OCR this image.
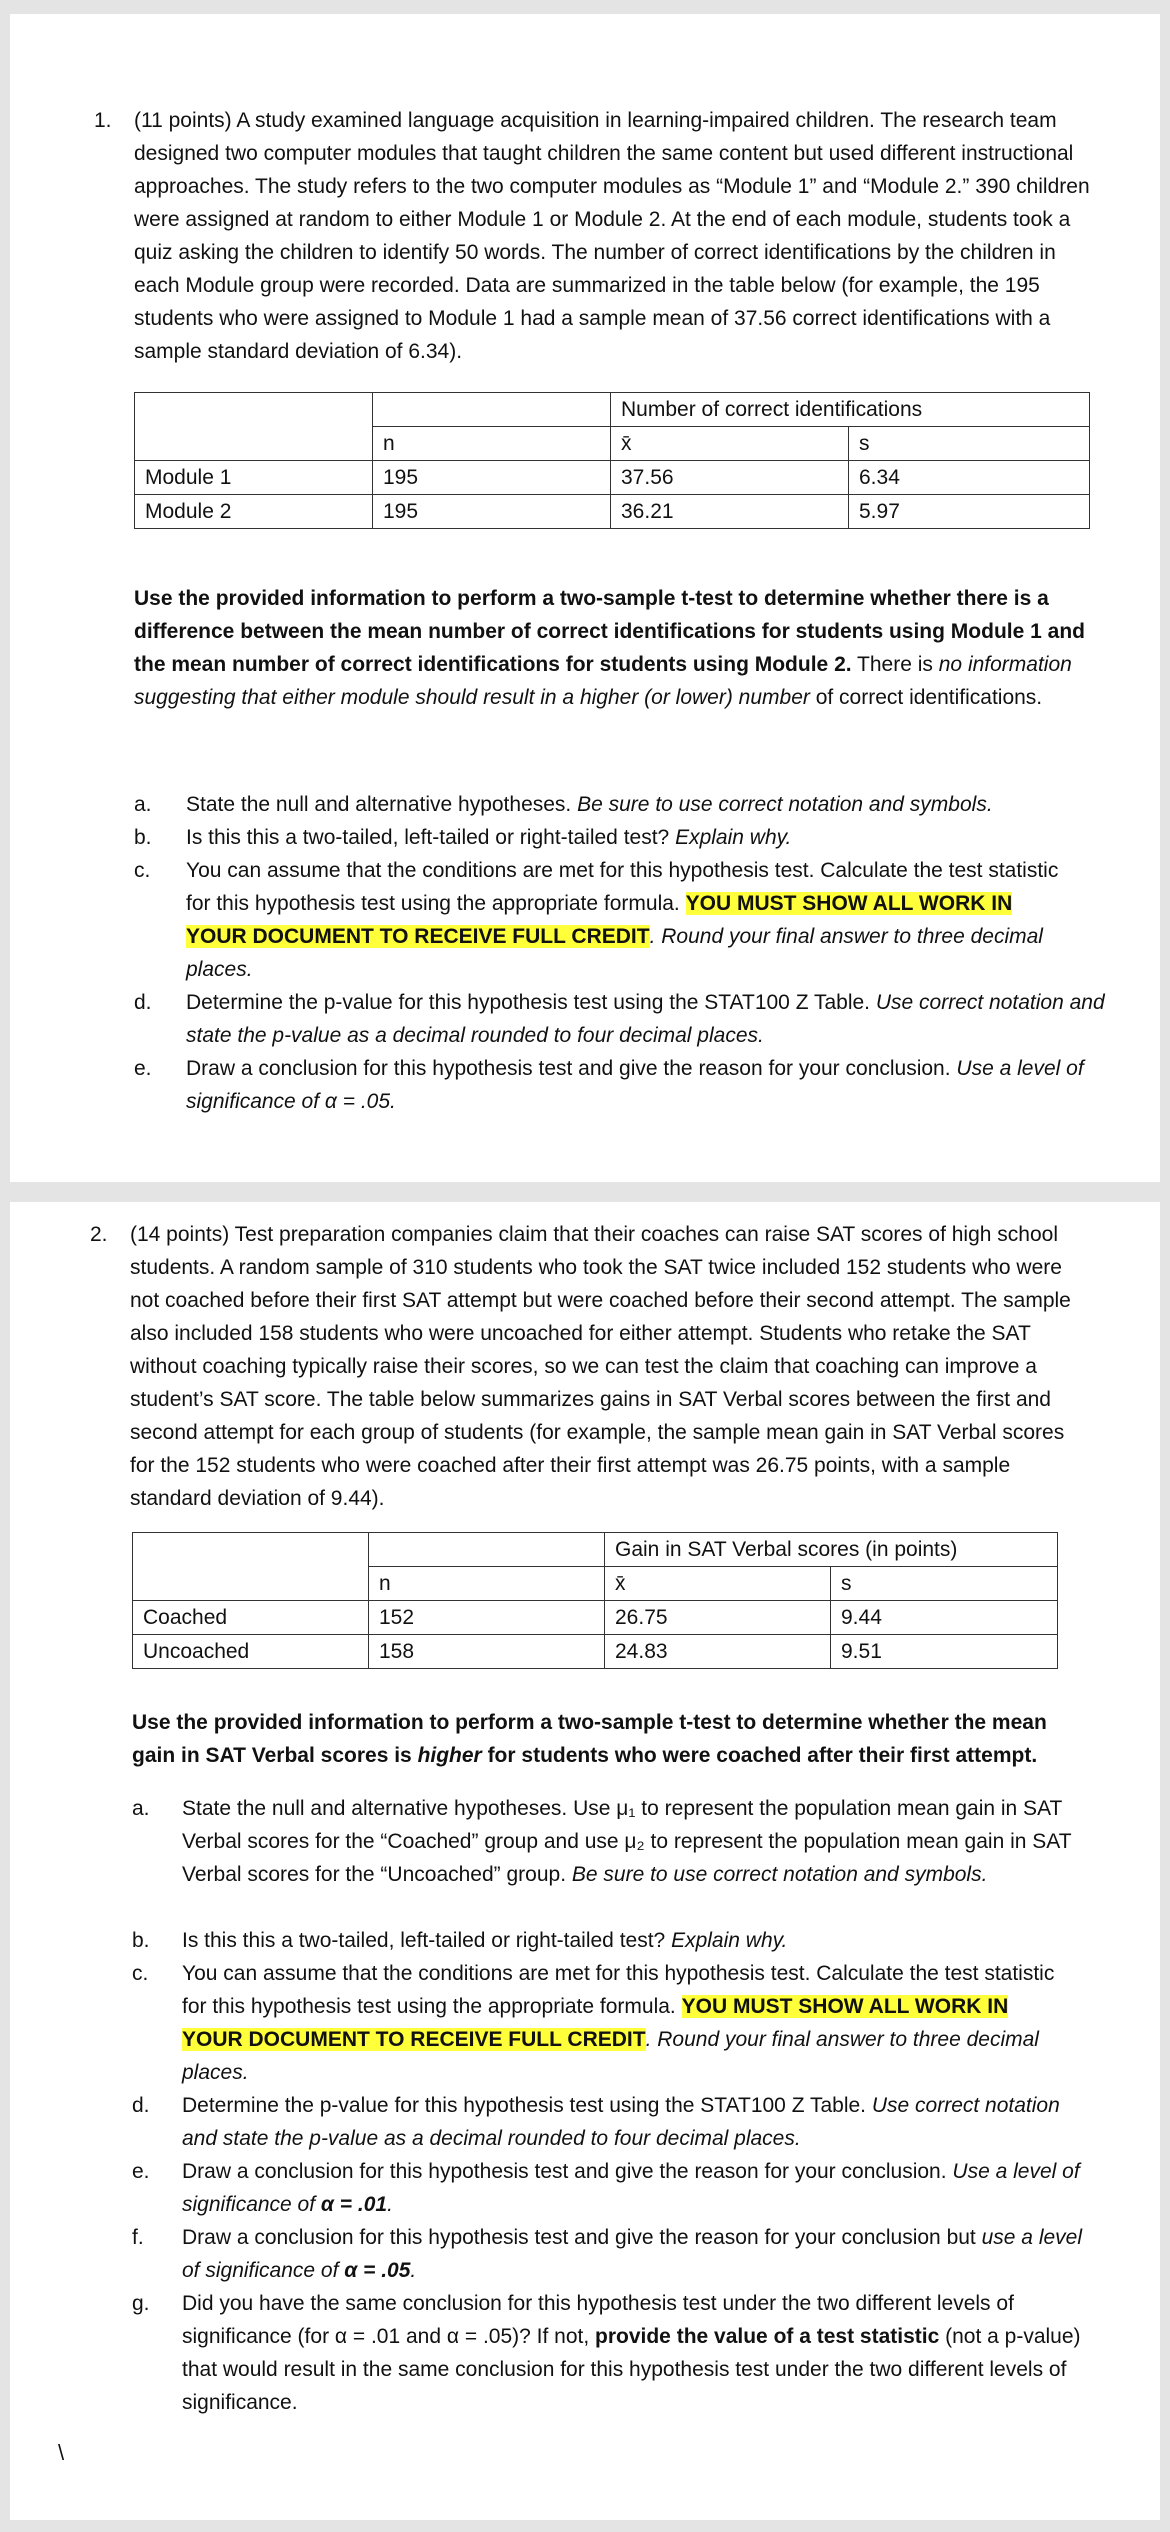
1. (11 points) A study examined language acquisition in learning-impaired children. The research team designed two computer modules that taught children the same content but used different instructional approaches. The study refers to the two computer modules as “Module 1” and “Module 2.” 390 children were assigned at random to either Module 1 or Module 2. At the end of each module, students took a quiz asking the children to identify 50 words. The number of correct identifications by the children in each Module group were recorded. Data are summarized in the table below (for example, the 195 students who were assigned to Module 1 had a sample mean of 37.56 correct identifications with a sample standard deviation of 6.34).
		Number of correct identifications	
	n	x̄	s
Module 1	195	37.56	6.34
Module 2	195	36.21	5.97
Use the provided information to perform a two-sample t-test to determine whether there is a difference between the mean number of correct identifications for students using Module 1 and the mean number of correct identifications for students using Module 2. There is no information suggesting that either module should result in a higher (or lower) number of correct identifications.
a. State the null and alternative hypotheses. Be sure to use correct notation and symbols.
b. Is this this a two-tailed, left-tailed or right-tailed test? Explain why.
c. You can assume that the conditions are met for this hypothesis test. Calculate the test statistic for this hypothesis test using the appropriate formula. YOU MUST SHOW ALL WORK IN YOUR DOCUMENT TO RECEIVE FULL CREDIT. Round your final answer to three decimal places.
d. Determine the p-value for this hypothesis test using the STAT100 Z Table. Use correct notation and state the p-value as a decimal rounded to four decimal places.
e. Draw a conclusion for this hypothesis test and give the reason for your conclusion. Use a level of significance of α = .05.
2. (14 points) Test preparation companies claim that their coaches can raise SAT scores of high school students. A random sample of 310 students who took the SAT twice included 152 students who were not coached before their first SAT attempt but were coached before their second attempt. The sample also included 158 students who were uncoached for either attempt. Students who retake the SAT without coaching typically raise their scores, so we can test the claim that coaching can improve a student’s SAT score. The table below summarizes gains in SAT Verbal scores between the first and second attempt for each group of students (for example, the sample mean gain in SAT Verbal scores for the 152 students who were coached after their first attempt was 26.75 points, with a sample standard deviation of 9.44).
		Gain in SAT Verbal scores (in points)	
	n	x̄	s
Coached	152	26.75	9.44
Uncoached	158	24.83	9.51
Use the provided information to perform a two-sample t-test to determine whether the mean gain in SAT Verbal scores is higher for students who were coached after their first attempt.
a. State the null and alternative hypotheses. Use μ₁ to represent the population mean gain in SAT Verbal scores for the “Coached” group and use μ₂ to represent the population mean gain in SAT Verbal scores for the “Uncoached” group. Be sure to use correct notation and symbols.
b. Is this this a two-tailed, left-tailed or right-tailed test? Explain why.
c. You can assume that the conditions are met for this hypothesis test. Calculate the test statistic for this hypothesis test using the appropriate formula. YOU MUST SHOW ALL WORK IN YOUR DOCUMENT TO RECEIVE FULL CREDIT. Round your final answer to three decimal places.
d. Determine the p-value for this hypothesis test using the STAT100 Z Table. Use correct notation and state the p-value as a decimal rounded to four decimal places.
e. Draw a conclusion for this hypothesis test and give the reason for your conclusion. Use a level of significance of α = .01.
f. Draw a conclusion for this hypothesis test and give the reason for your conclusion but use a level of significance of α = .05.
g. Did you have the same conclusion for this hypothesis test under the two different levels of significance (for α = .01 and α = .05)? If not, provide the value of a test statistic (not a p-value) that would result in the same conclusion for this hypothesis test under the two different levels of significance.
\
